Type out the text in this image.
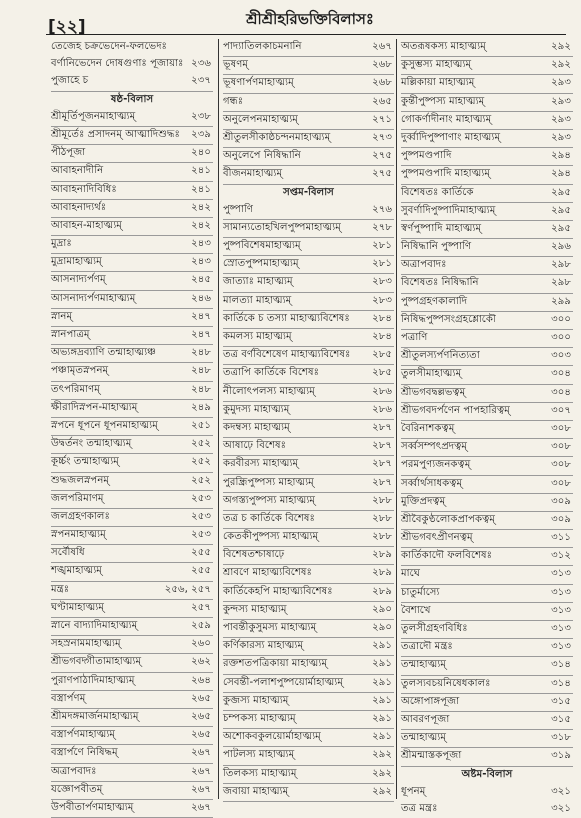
[২২]	শ্রীশ্রীহরিভক্তিবিলাসঃ
তেজেহ চক্রভেদেন-ফলভেদঃ
বর্ণানিভেদেন দোষগুণাঃ পূজায়াঃ ২৩৬
পুজাহে চ	২৩৭
ষষ্ঠ-বিলাস
শ্রীমূর্তিপূজনমাহাত্ম্যম্	২৩৮
শ্রীমূর্তেঃ প্রসাদনম্ আত্মাদিশুদ্ধঃ	২৩৯
পীঠপূজা	২৪০
আবাহনাদীনি	২৪১
আবাহনাদিবিধিঃ	২৪১
আবাহনাদ্যর্থঃ	২৪২
আবাহন-মাহাত্ম্যম্	২৪২
মুদ্রাঃ	২৪৩
মুদ্রামাহাত্ম্যম্	২৪৩
আসনাদ্যর্পণম্	২৪৫
আসনাদ্যর্পণমাহাত্ম্যম্	২৪৬
স্নানম্	২৪৭
স্নানপাত্রম্	২৪৭
অভ্যঙ্গদ্রব্যাণি তন্মাহাত্ম্যঞ্চ	২৪৮
পঞ্চামৃতস্নপনম্	২৪৮
তৎপরিমাণম্	২৪৮
ক্ষীরাদিস্নপন-মাহাত্ম্যম্	২৪৯
স্নপনে ধূপনে ধূপনমাহাত্ম্যম্	২৫১
উদ্বর্তনং তন্মাহাত্ম্যম্	২৫২
কূর্চ্চং তন্মাহাত্ম্যম্	২৫২
শুদ্ধজলস্নপনম্	২৫২
জলপরিমাণম্	২৫৩
জলগ্রহণকালঃ	২৫৩
স্নপনমাহাত্ম্যম্	২৫৩
সর্বৌষধি	২৫৫
শঙ্খমাহাত্ম্যম্	২৫৫
মন্ত্রঃ	২৫৬, ২৫৭
ঘণ্টামাহাত্ম্যম্	২৫৭
স্নানে বাদ্যাদিমাহাত্ম্যম্	২৫৯
সহস্রনামমাহাত্ম্যম্	২৬০
শ্রীভগবদ্গীতামাহাত্ম্যম্	২৬২
পুরাণপাঠাদিমাহাত্ম্যম্	২৬৪
বস্ত্রার্পণম্	২৬৫
শ্রীমদঙ্গমার্জনমাহাত্ম্যম্	২৬৫
বস্ত্রার্পণমাহাত্ম্যম্	২৬৫
বস্ত্রার্পণে নিষিদ্ধম্	২৬৭
অত্রাপবাদঃ	২৬৭
যজ্ঞোপবীতম্	২৬৭
উপবীতার্পণমাহাত্ম্যম্	২৬৭
পাদ্যাতিলকাচমনানি	২৬৭
ভূষণম্	২৬৮
ভূষণার্পণমাহাত্ম্যম্	২৬৮
গন্ধঃ	২৬৫
অনুলেপনমাহাত্ম্যম্	২৭১
শ্রীতুলসীকাষ্ঠচন্দনমাহাত্ম্যম্	২৭৩
অনুলেপে নিষিদ্ধানি	২৭৫
বীজনমাহাত্ম্যম্	২৭৫
সপ্তম-বিলাস
পুষ্পাণি	২৭৬
সামান্যতোহখিলপুষ্পমাহাত্ম্যম্	২৭৮
পুষ্পবিশেষমাহাত্ম্যম্	২৮১
স্রোতপুষ্পমাহাত্ম্যম্	২৮১
জাত্যাঃ মাহাত্ম্যম্	২৮৩
মালত্যা মাহাত্ম্যম্	২৮৩
কার্তিকে চ তস্যা মাহাত্ম্যবিশেষঃ	২৮৪
কমলস্য মাহাত্ম্যম্	২৮৪
তত্র বর্ণবিশেষেণ মাহাত্ম্যবিশেষঃ	২৮৫
তত্রাপি কার্তিকে বিশেষঃ	২৮৫
নীলোৎপলস্য মাহাত্ম্যম্	২৮৬
কুমুদস্য মাহাত্ম্যম্	২৮৬
কদম্বস্য মাহাত্ম্যম্	২৮৭
আষাঢ়ে বিশেষঃ	২৮৭
করবীরস্য মাহাত্ম্যম্	২৮৭
পুরন্ধ্রিপুষ্পস্য মাহাত্ম্যম্	২৮৭
অগস্ত্যপুষ্পস্য মাহাত্ম্যম্	২৮৮
তত্র চ কার্তিকে বিশেষঃ	২৮৮
কেতকীপুষ্পস্য মাহাত্ম্যম্	২৮৮
বিশেষতশ্চাষাঢ়ে	২৮৯
শ্রাবণে মাহাত্ম্যবিশেষঃ	২৮৯
কার্তিকেহপি মাহাত্ম্যবিশেষঃ	২৮৯
কুন্দস্য মাহাত্ম্যম্	২৯০
পাবন্তীকুসুমস্য মাহাত্ম্যম্	২৯০
কর্ণিকারস্য মাহাত্ম্যম্	২৯১
রক্তশতপত্রিকায়া মাহাত্ম্যম্	২৯১
সেবন্তী-পলাশপুষ্পয়োর্মাহাত্ম্যম্	২৯১
কুব্জস্য মাহাত্ম্যম্	২৯১
চম্পকস্য মাহাত্ম্যম্	২৯১
অশোকবকুলয়োর্মাহাত্ম্যম্	২৯১
পাটলস্য মাহাত্ম্যম্	২৯২
তিলকস্য মাহাত্ম্যম্	২৯২
জবায়া মাহাত্ম্যম্	২৯২
অতরূষকস্য মাহাত্ম্যম্	২৯২
কুসুম্ভস্য মাহাত্ম্যম্	২৯২
মল্লিকায়া মাহাত্ম্যম্	২৯৩
কুন্তীপুষ্পস্য মাহাত্ম্যম্	২৯৩
গোকর্ণাদীনাং মাহাত্ম্যম্	২৯৩
দুর্ব্বাদিপুষ্পাণাং মাহাত্ম্যম্	২৯৩
পুষ্পমণ্ডপাদি	২৯৪
পুষ্পমণ্ডপাদি মাহাত্ম্যম্	২৯৪
বিশেষতঃ কার্তিকে	২৯৫
সুবর্ণাদিপুষ্পাদিমাহাত্ম্যম্	২৯৫
স্বর্ণপুষ্পাদি মাহাত্ম্যম্	২৯৫
নিষিদ্ধানি পুষ্পাণি	২৯৬
অত্রাপবাদঃ	২৯৮
বিশেষতঃ নিষিদ্ধানি	২৯৮
পুষ্পগ্রহণকালাদি	২৯৯
নিষিদ্ধপুষ্পসংগ্রহশ্লোকৌ	৩০০
পত্রাণি	৩০০
শ্রীতুলস্যর্পণনিত্যতা	৩০৩
তুলসীমাহাত্ম্যম্	৩০৪
শ্রীভগবদ্বল্লভত্বম্	৩০৪
শ্রীভগবদর্পণেন পাপহারিত্বম্	৩০৭
বৈরিনাশকত্বম্	৩০৮
সর্ব্বসম্পৎপ্রদত্বম্	৩০৮
পরমপুণ্যজনকত্বম্	৩০৮
সর্ব্বার্থসাধকত্বম্	৩০৮
মুক্তিপ্রদত্বম্	৩০৯
শ্রীবৈকুণ্ঠলোকপ্রাপকত্বম্	৩০৯
শ্রীভগবৎপ্রীণনত্বম্	৩১১
কার্তিকাদৌ ফলবিশেষঃ	৩১২
মাঘে	৩১৩
চাতুর্মাস্যে	৩১৩
বৈশাখে	৩১৩
তুলসীগ্রহণবিধিঃ	৩১৩
তত্রাদৌ মন্ত্রঃ	৩১৩
তন্মাহাত্ম্যম্	৩১৪
তুলস্যবচয়নিষেধকালঃ	৩১৪
অঙ্গোপাঙ্গপূজা	৩১৫
আবরণপূজা	৩১৫
তন্মাহাত্ম্যম্	৩১৮
শ্রীমন্মাস্তকপূজা	৩১৯
অষ্টম-বিলাস
ধূপনম্	৩২১
তত্র মন্ত্রঃ	৩২১
